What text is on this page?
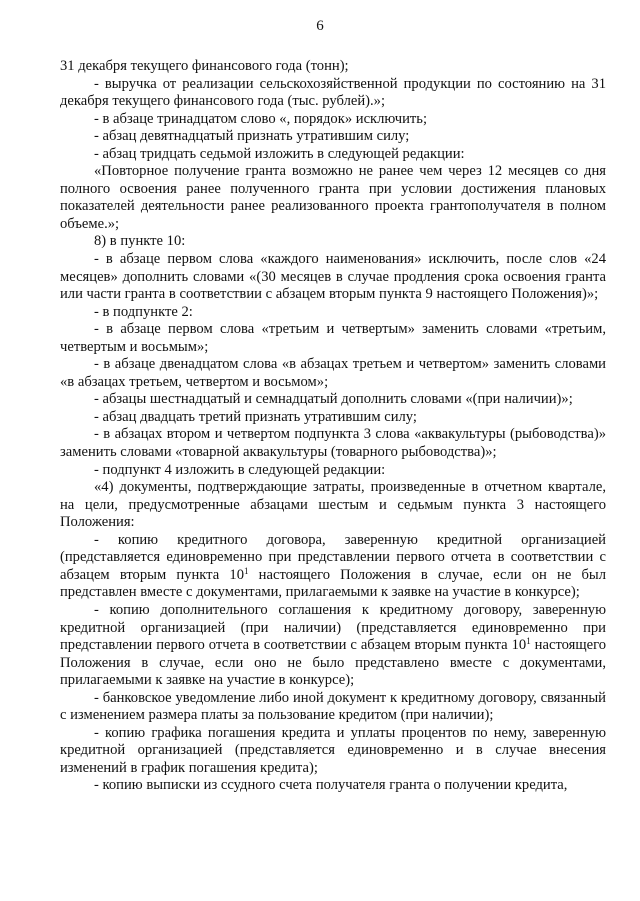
6

31 декабря текущего финансового года (тонн);

- выручка от реализации сельскохозяйственной продукции по состоянию на 31 декабря текущего финансового года (тыс. рублей).»;

- в абзаце тринадцатом слово «, порядок» исключить;

- абзац девятнадцатый признать утратившим силу;

- абзац тридцать седьмой изложить в следующей редакции:

«Повторное получение гранта возможно не ранее чем через 12 месяцев со дня полного освоения ранее полученного гранта при условии достижения плановых показателей деятельности ранее реализованного проекта грантополучателя в полном объеме.»;

8) в пункте 10:

- в абзаце первом слова «каждого наименования» исключить, после слов «24 месяцев» дополнить словами «(30 месяцев в случае продления срока освоения гранта или части гранта в соответствии с абзацем вторым пункта 9 настоящего Положения)»;

- в подпункте 2:

- в абзаце первом слова «третьим и четвертым» заменить словами «третьим, четвертым и восьмым»;

- в абзаце двенадцатом слова «в абзацах третьем и четвертом» заменить словами «в абзацах третьем, четвертом и восьмом»;

- абзацы шестнадцатый и семнадцатый дополнить словами «(при наличии)»;

- абзац двадцать третий признать утратившим силу;

- в абзацах втором и четвертом подпункта 3 слова «аквакультуры (рыбоводства)» заменить словами «товарной аквакультуры (товарного рыбоводства)»;

- подпункт 4 изложить в следующей редакции:

«4) документы, подтверждающие затраты, произведенные в отчетном квартале, на цели, предусмотренные абзацами шестым и седьмым пункта 3 настоящего Положения:

- копию кредитного договора, заверенную кредитной организацией (представляется единовременно при представлении первого отчета в соответствии с абзацем вторым пункта $10^1$ настоящего Положения в случае, если он не был представлен вместе с документами, прилагаемыми к заявке на участие в конкурсе);

- копию дополнительного соглашения к кредитному договору, заверенную кредитной организацией (при наличии) (представляется единовременно при представлении первого отчета в соответствии с абзацем вторым пункта $10^1$ настоящего Положения в случае, если оно не было представлено вместе с документами, прилагаемыми к заявке на участие в конкурсе);

- банковское уведомление либо иной документ к кредитному договору, связанный с изменением размера платы за пользование кредитом (при наличии);

- копию графика погашения кредита и уплаты процентов по нему, заверенную кредитной организацией (представляется единовременно и в случае внесения изменений в график погашения кредита);

- копию выписки из ссудного счета получателя гранта о получении кредита,
